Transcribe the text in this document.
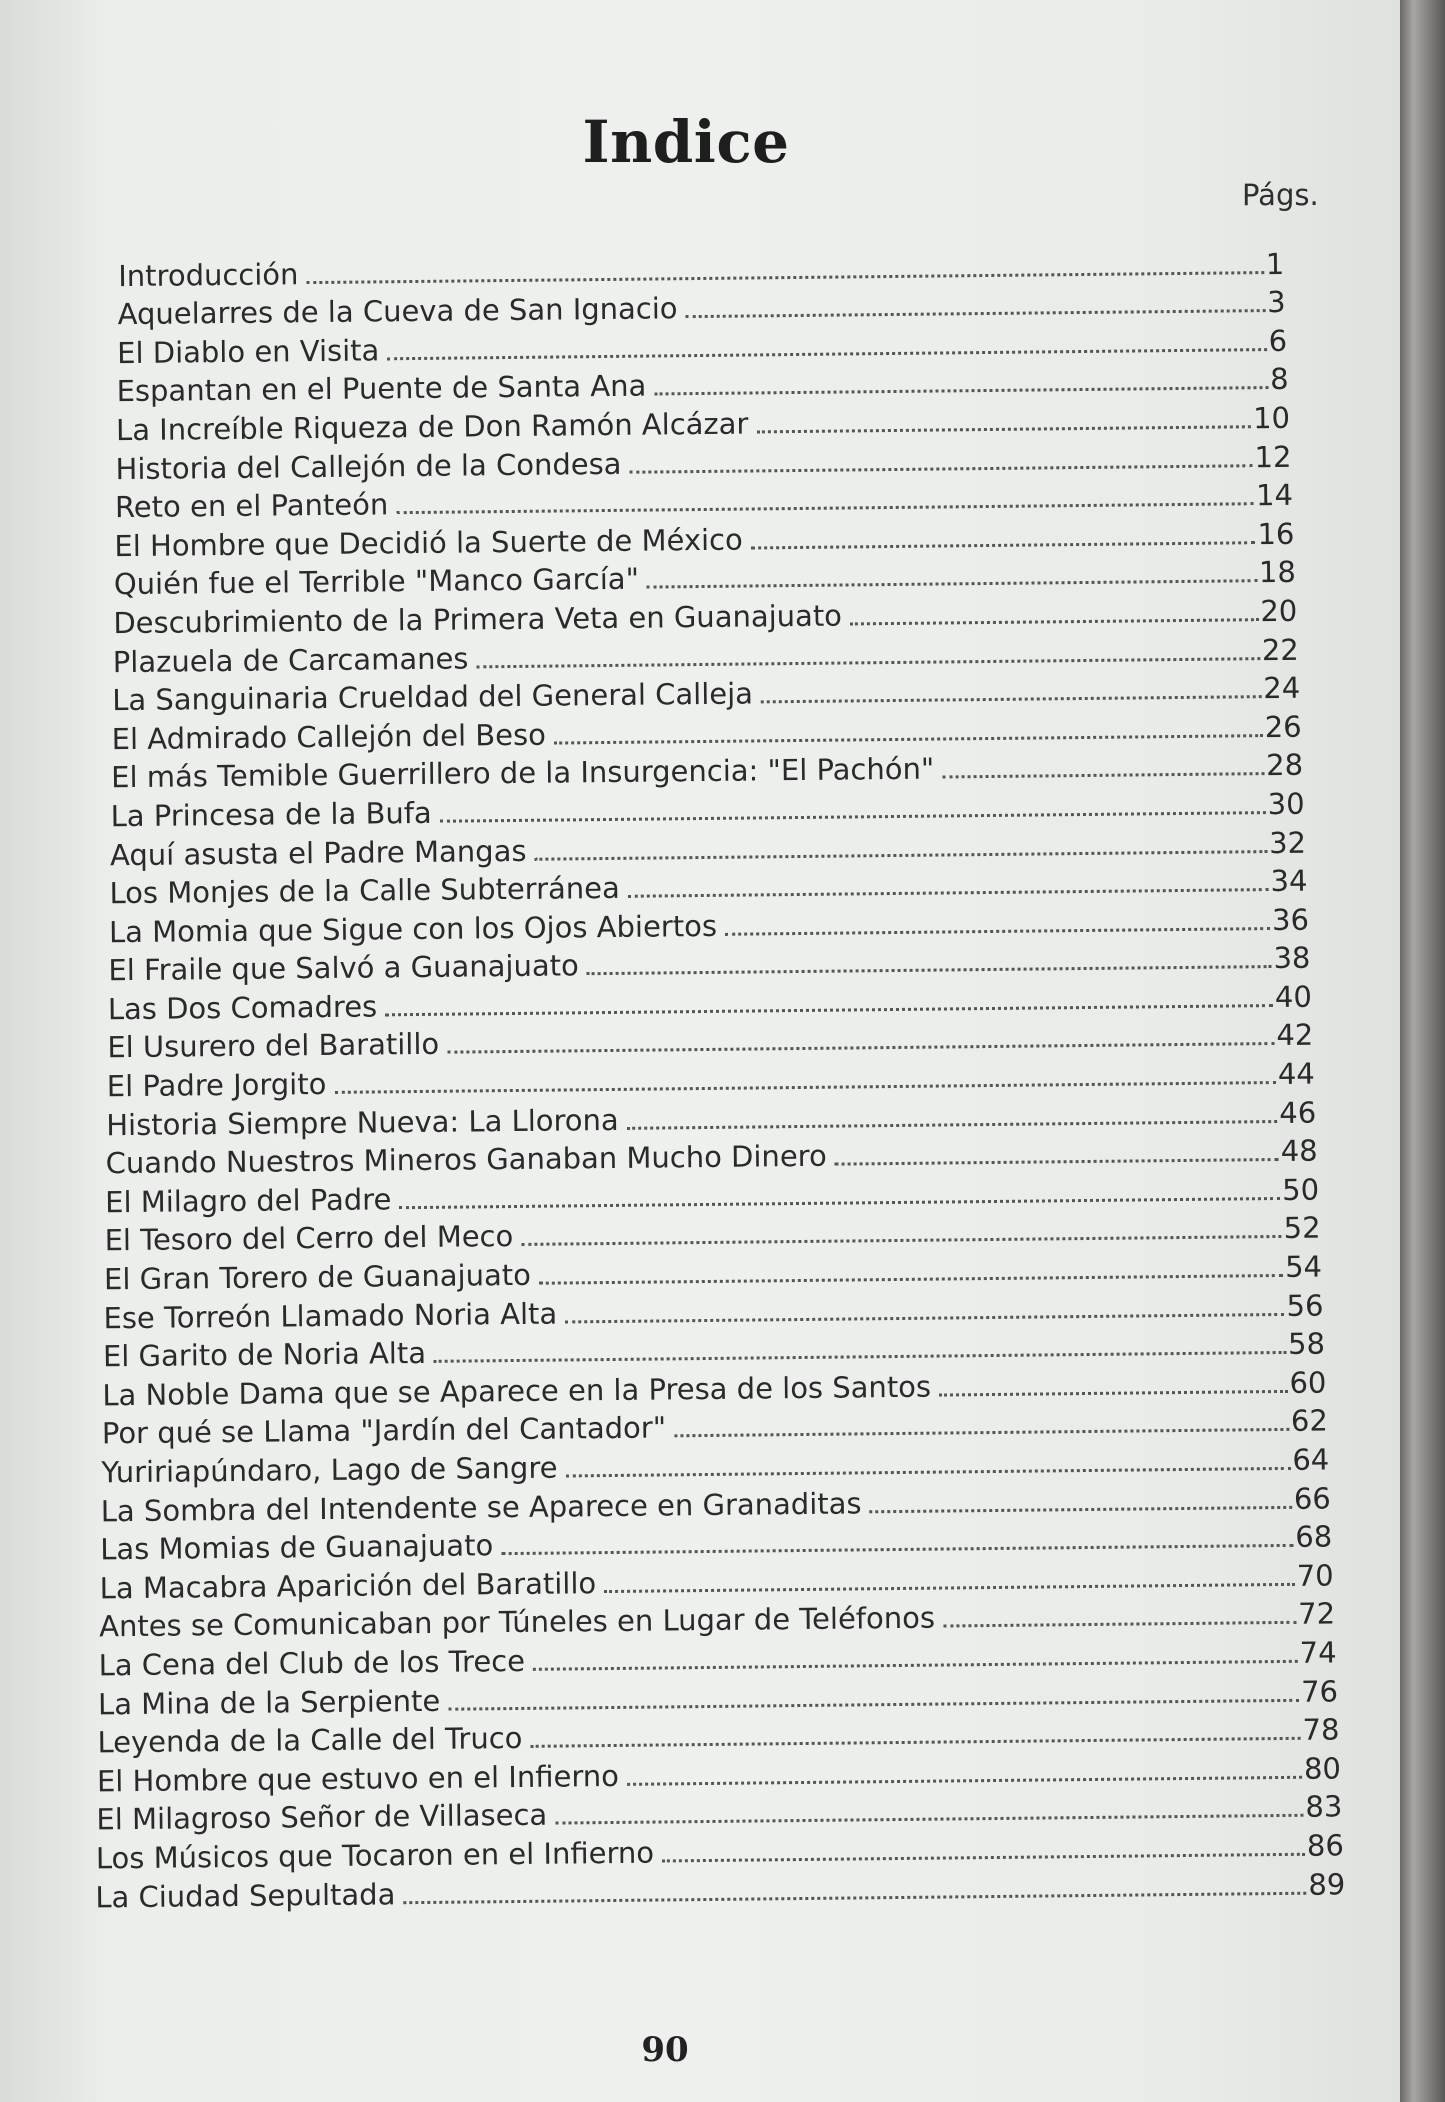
Indice
Págs.
Introducción	1
Aquelarres de la Cueva de San Ignacio	3
El Diablo en Visita	6
Espantan en el Puente de Santa Ana	8
La Increíble Riqueza de Don Ramón Alcázar	10
Historia del Callejón de la Condesa	12
Reto en el Panteón	14
El Hombre que Decidió la Suerte de México	16
Quién fue el Terrible "Manco García"	18
Descubrimiento de la Primera Veta en Guanajuato	20
Plazuela de Carcamanes	22
La Sanguinaria Crueldad del General Calleja	24
El Admirado Callejón del Beso	26
El más Temible Guerrillero de la Insurgencia: "El Pachón"	28
La Princesa de la Bufa	30
Aquí asusta el Padre Mangas	32
Los Monjes de la Calle Subterránea	34
La Momia que Sigue con los Ojos Abiertos	36
El Fraile que Salvó a Guanajuato	38
Las Dos Comadres	40
El Usurero del Baratillo	42
El Padre Jorgito	44
Historia Siempre Nueva: La Llorona	46
Cuando Nuestros Mineros Ganaban Mucho Dinero	48
El Milagro del Padre	50
El Tesoro del Cerro del Meco	52
El Gran Torero de Guanajuato	54
Ese Torreón Llamado Noria Alta	56
El Garito de Noria Alta	58
La Noble Dama que se Aparece en la Presa de los Santos	60
Por qué se Llama "Jardín del Cantador"	62
Yuririapúndaro, Lago de Sangre	64
La Sombra del Intendente se Aparece en Granaditas	66
Las Momias de Guanajuato	68
La Macabra Aparición del Baratillo	70
Antes se Comunicaban por Túneles en Lugar de Teléfonos	72
La Cena del Club de los Trece	74
La Mina de la Serpiente	76
Leyenda de la Calle del Truco	78
El Hombre que estuvo en el Infierno	80
El Milagroso Señor de Villaseca	83
Los Músicos que Tocaron en el Infierno	86
La Ciudad Sepultada	89
90
